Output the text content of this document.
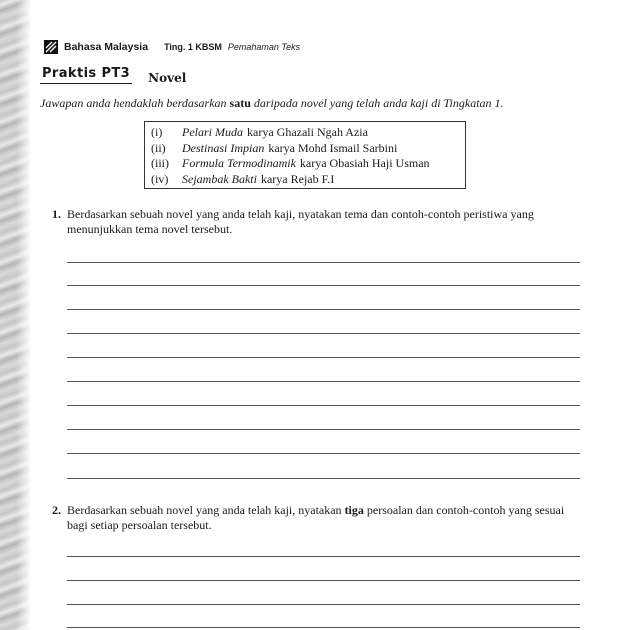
Bahasa Malaysia Ting. 1 KBSM Pemahaman Teks
Praktis PT3 Novel
Jawapan anda hendaklah berdasarkan satu daripada novel yang telah anda kaji di Tingkatan 1.
(i)	Pelari Muda karya Ghazali Ngah Azia
(ii)	Destinasi Impian karya Mohd Ismail Sarbini
(iii)	Formula Termodinamik karya Obasiah Haji Usman
(iv)	Sejambak Bakti karya Rejab F.I
1. Berdasarkan sebuah novel yang anda telah kaji, nyatakan tema dan contoh-contoh peristiwa yang menunjukkan tema novel tersebut.
2. Berdasarkan sebuah novel yang anda telah kaji, nyatakan tiga persoalan dan contoh-contoh yang sesuai bagi setiap persoalan tersebut.
